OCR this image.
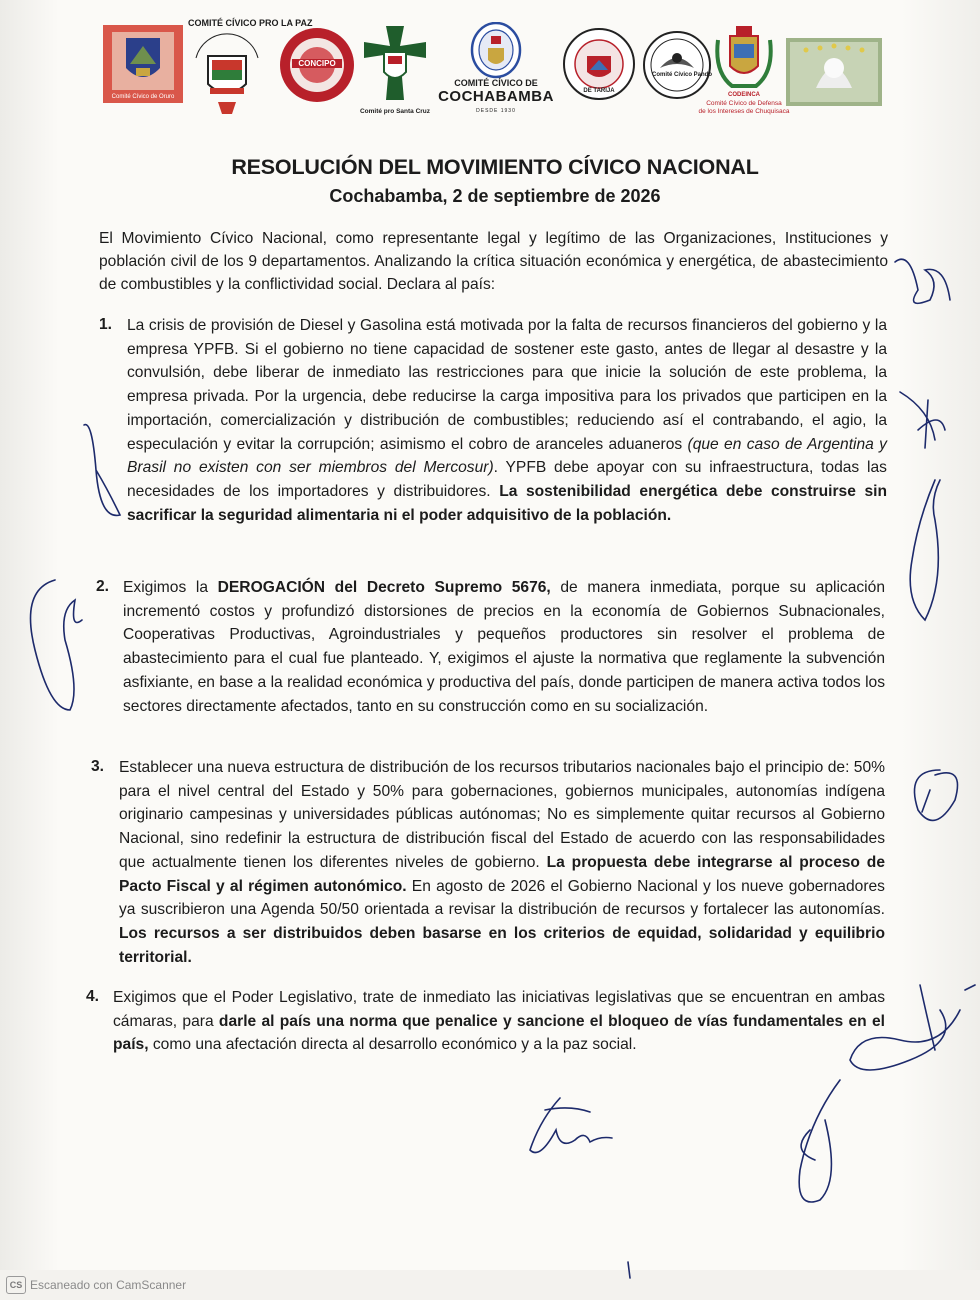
Comité Cívico de Oruro
COMITÉ CÍVICO PRO LA PAZ
CONCIPO
Comité pro Santa Cruz
COMITÉ CÍVICO DE
COCHABAMBA
DESDE 1930
DE TARIJA
Comité Cívico Pando
CODEINCA
Comité Cívico de Defensa
de los Intereses de Chuquisaca
RESOLUCIÓN DEL MOVIMIENTO CÍVICO NACIONAL
Cochabamba, 2 de septiembre de 2026
El Movimiento Cívico Nacional, como representante legal y legítimo de las Organizaciones, Instituciones y población civil de los 9 departamentos. Analizando la crítica situación económica y energética, de abastecimiento de combustibles y la conflictividad social. Declara al país:
1. La crisis de provisión de Diesel y Gasolina está motivada por la falta de recursos financieros del gobierno y la empresa YPFB. Si el gobierno no tiene capacidad de sostener este gasto, antes de llegar al desastre y la convulsión, debe liberar de inmediato las restricciones para que inicie la solución de este problema, la empresa privada. Por la urgencia, debe reducirse la carga impositiva para los privados que participen en la importación, comercialización y distribución de combustibles; reduciendo así el contrabando, el agio, la especulación y evitar la corrupción; asimismo el cobro de aranceles aduaneros (que en caso de Argentina y Brasil no existen con ser miembros del Mercosur). YPFB debe apoyar con su infraestructura, todas las necesidades de los importadores y distribuidores. La sostenibilidad energética debe construirse sin sacrificar la seguridad alimentaria ni el poder adquisitivo de la población.
2. Exigimos la DEROGACIÓN del Decreto Supremo 5676, de manera inmediata, porque su aplicación incrementó costos y profundizó distorsiones de precios en la economía de Gobiernos Subnacionales, Cooperativas Productivas, Agroindustriales y pequeños productores sin resolver el problema de abastecimiento para el cual fue planteado. Y, exigimos el ajuste la normativa que reglamente la subvención asfixiante, en base a la realidad económica y productiva del país, donde participen de manera activa todos los sectores directamente afectados, tanto en su construcción como en su socialización.
3. Establecer una nueva estructura de distribución de los recursos tributarios nacionales bajo el principio de: 50% para el nivel central del Estado y 50% para gobernaciones, gobiernos municipales, autonomías indígena originario campesinas y universidades públicas autónomas; No es simplemente quitar recursos al Gobierno Nacional, sino redefinir la estructura de distribución fiscal del Estado de acuerdo con las responsabilidades que actualmente tienen los diferentes niveles de gobierno. La propuesta debe integrarse al proceso de Pacto Fiscal y al régimen autonómico. En agosto de 2026 el Gobierno Nacional y los nueve gobernadores ya suscribieron una Agenda 50/50 orientada a revisar la distribución de recursos y fortalecer las autonomías. Los recursos a ser distribuidos deben basarse en los criterios de equidad, solidaridad y equilibrio territorial.
4. Exigimos que el Poder Legislativo, trate de inmediato las iniciativas legislativas que se encuentran en ambas cámaras, para darle al país una norma que penalice y sancione el bloqueo de vías fundamentales en el país, como una afectación directa al desarrollo económico y a la paz social.
CS Escaneado con CamScanner
